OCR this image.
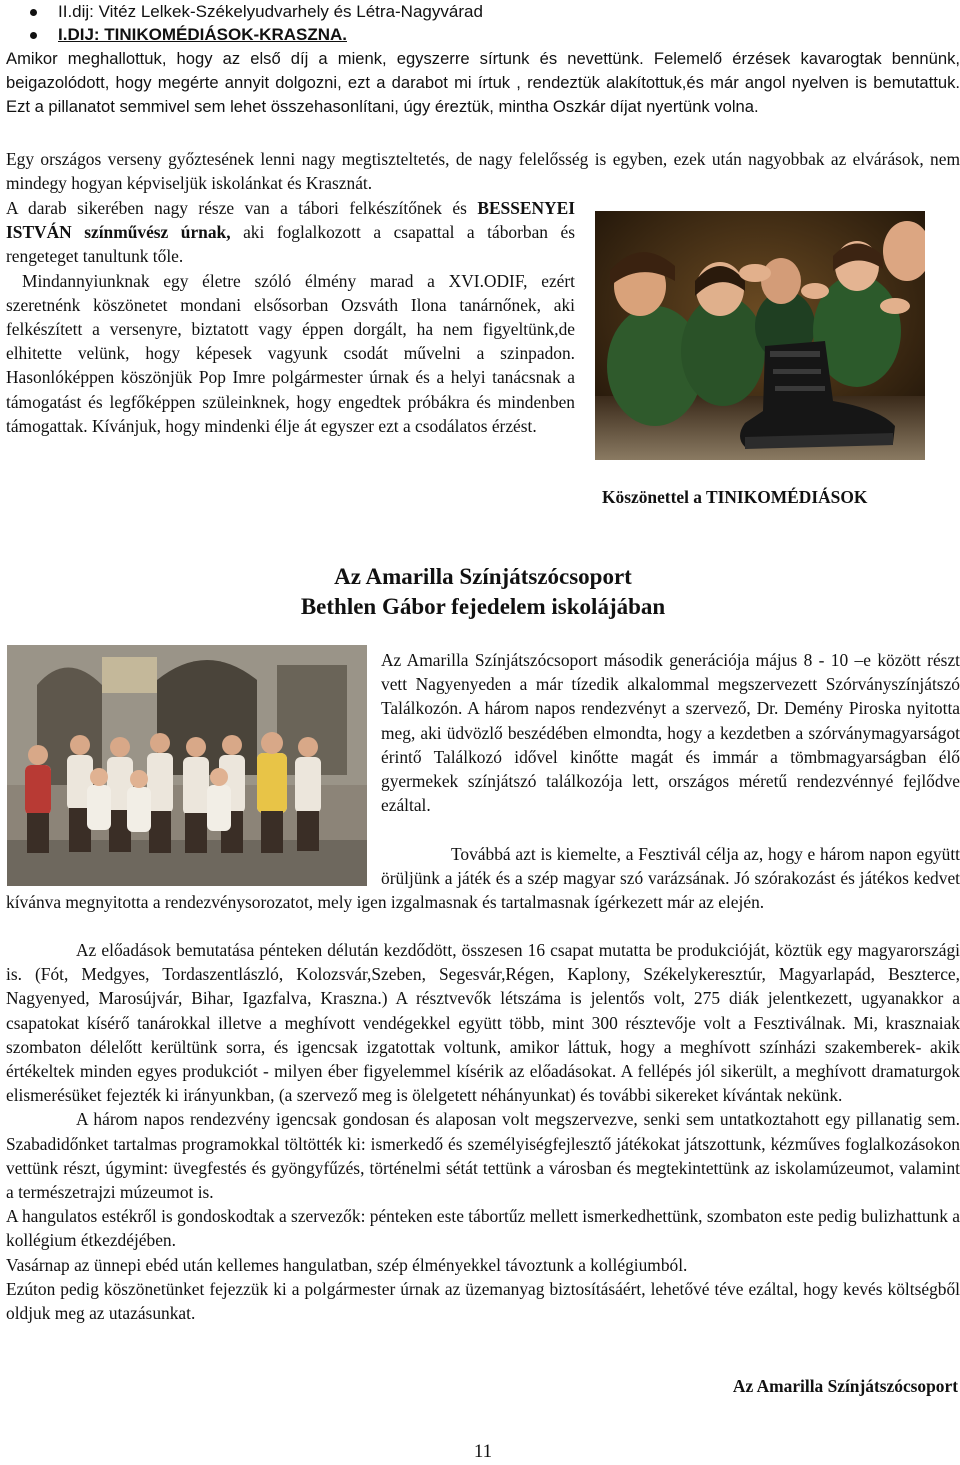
II.dij: Vitéz Lelkek-Székelyudvarhely és Létra-Nagyvárad
I.DIJ: TINIKOMÉDIÁSOK-KRASZNA.

Amikor meghallottuk, hogy az első díj a mienk, egyszerre sírtunk és nevettünk. Felemelő érzések kavarogtak bennünk, beigazolódott, hogy megérte annyit dolgozni, ezt a darabot mi írtuk , rendeztük alakítottuk,és már angol nyelven is bemutattuk. Ezt a pillanatot semmivel sem lehet összehasonlítani, úgy éreztük, mintha Oszkár díjat nyertünk volna.

Egy országos verseny győztesének lenni nagy megtiszteltetés, de nagy felelősség is egyben, ezek után nagyobbak az elvárások, nem mindegy hogyan képviseljük iskolánkat és Krasznát.

A darab sikerében nagy része van a tábori felkészítőnek és BESSENYEI ISTVÁN színművész úrnak, aki foglalkozott a csapattal a táborban és rengeteget tanultunk tőle.

Mindannyiunknak egy életre szóló élmény marad a XVI.ODIF, ezért szeretnénk köszönetet mondani elsősorban Ozsváth Ilona tanárnőnek, aki felkészített a versenyre, biztatott vagy éppen dorgált, ha nem figyeltünk,de elhitette velünk, hogy képesek vagyunk csodát művelni a szinpadon. Hasonlóképpen köszönjük Pop Imre polgármester úrnak és a helyi tanácsnak a támogatást és legfőképpen szüleinknek, hogy engedtek próbákra és mindenben támogattak. Kívánjuk, hogy mindenki élje át egyszer ezt a csodálatos érzést.

Köszönettel a TINIKOMÉDIÁSOK
Az Amarilla Színjátszócsoport
Bethlen Gábor fejedelem iskolájában

Az Amarilla Színjátszócsoport második generációja május 8 - 10 –e között részt vett Nagyenyeden a már tízedik alkalommal megszervezett Szórványszínjátszó Találkozón. A három napos rendezvényt a szervező, Dr. Demény Piroska nyitotta meg, aki üdvözlő beszédében elmondta, hogy a kezdetben a szórványmagyarságot érintő Találkozó idővel kinőtte magát és immár a tömbmagyarságban élő gyermekek színjátszó találkozója lett, országos méretű rendezvénnyé fejlődve ezáltal.

Továbbá azt is kiemelte, a Fesztivál célja az, hogy e három napon együtt örüljünk a játék és a szép magyar szó varázsának. Jó szórakozást és játékos kedvet kívánva megnyitotta a rendezvénysorozatot, mely igen izgalmasnak és tartalmasnak ígérkezett már az elején.

Az előadások bemutatása pénteken délután kezdődött, összesen 16 csapat mutatta be produkcióját, köztük egy magyarországi is. (Fót, Medgyes, Tordaszentlászló, Kolozsvár,Szeben, Segesvár,Régen, Kaplony, Székelykeresztúr, Magyarlapád, Beszterce, Nagyenyed, Marosújvár, Bihar, Igazfalva, Kraszna.) A résztvevők létszáma is jelentős volt, 275 diák jelentkezett, ugyanakkor a csapatokat kísérő tanárokkal illetve a meghívott vendégekkel együtt több, mint 300 résztevője volt a Fesztiválnak. Mi, krasznaiak szombaton délelőtt kerültünk sorra, és igencsak izgatottak voltunk, amikor láttuk, hogy a meghívott színházi szakemberek- akik értékeltek minden egyes produkciót - milyen éber figyelemmel kísérik az előadásokat. A fellépés jól sikerült, a meghívott dramaturgok elismerésüket fejezték ki irányunkban, (a szervező meg is ölelgetett néhányunkat) és további sikereket kívántak nekünk.

A három napos rendezvény igencsak gondosan és alaposan volt megszervezve, senki sem untatkoztahott egy pillanatig sem. Szabadidőnket tartalmas programokkal töltötték ki: ismerkedő és személyiségfejlesztő játékokat játszottunk, kézműves foglalkozásokon vettünk részt, úgymint: üvegfestés és gyöngyfűzés, történelmi sétát tettünk a városban és megtekintettünk az iskolamúzeumot, valamint a természetrajzi múzeumot is.

A hangulatos estékről is gondoskodtak a szervezők: pénteken este tábortűz mellett ismerkedhettünk, szombaton este pedig bulizhattunk a kollégium étkezdéjében.

Vasárnap az ünnepi ebéd után kellemes hangulatban, szép élményekkel távoztunk a kollégiumból.

Ezúton pedig köszönetünket fejezzük ki a polgármester úrnak az üzemanyag biztosításáért, lehetővé téve ezáltal, hogy kevés költségből oldjuk meg az utazásunkat.

Az Amarilla Színjátszócsoport
11
